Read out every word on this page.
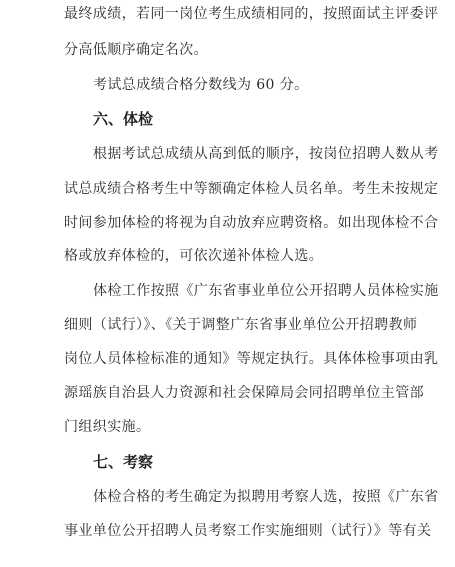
最终成绩，若同一岗位考生成绩相同的，按照面试主评委评
分高低顺序确定名次。
考试总成绩合格分数线为 60 分。
六、体检
根据考试总成绩从高到低的顺序，按岗位招聘人数从考
试总成绩合格考生中等额确定体检人员名单。考生未按规定
时间参加体检的将视为自动放弃应聘资格。如出现体检不合
格或放弃体检的，可依次递补体检人选。
体检工作按照《广东省事业单位公开招聘人员体检实施
细则（试行）》、《关于调整广东省事业单位公开招聘教师
岗位人员体检标准的通知》等规定执行。具体体检事项由乳
源瑶族自治县人力资源和社会保障局会同招聘单位主管部
门组织实施。
七、考察
体检合格的考生确定为拟聘用考察人选，按照《广东省
事业单位公开招聘人员考察工作实施细则（试行）》等有关
